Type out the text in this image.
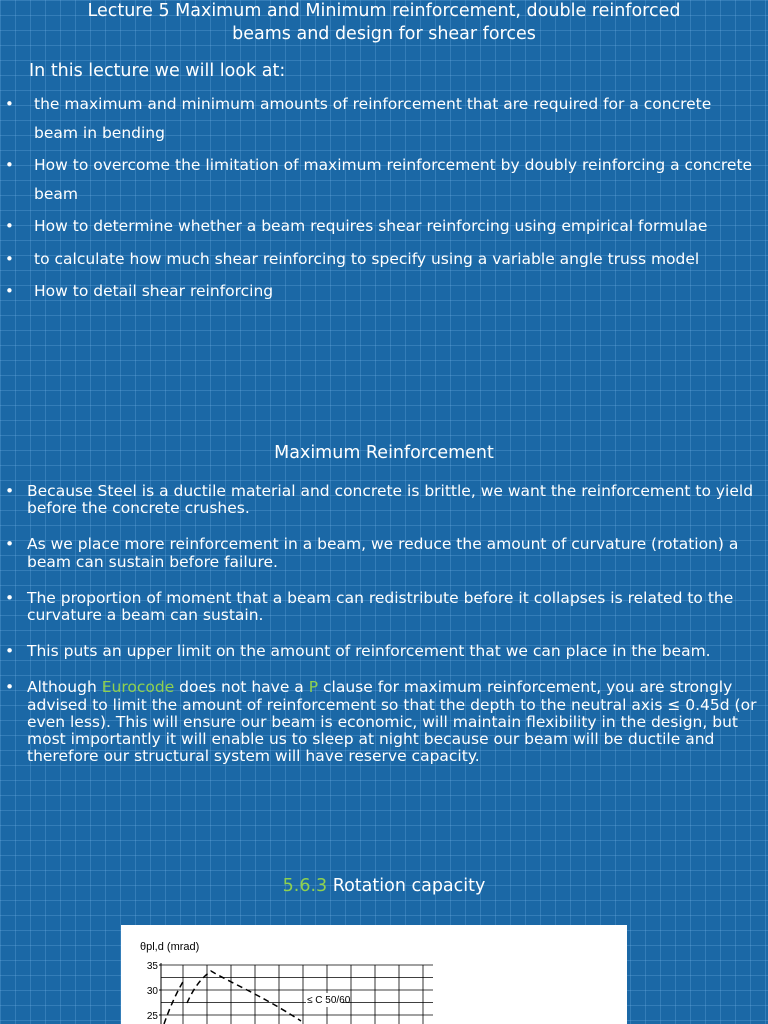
Lecture 5 Maximum and Minimum reinforcement, double reinforced
beams and design for shear forces

In this lecture we will look at:

• the maximum and minimum amounts of reinforcement that are required for a concrete beam in bending
• How to overcome the limitation of maximum reinforcement by doubly reinforcing a concrete beam
• How to determine whether a beam requires shear reinforcing using empirical formulae
• to calculate how much shear reinforcing to specify using a variable angle truss model
• How to detail shear reinforcing
Maximum Reinforcement
• Because Steel is a ductile material and concrete is brittle, we want the reinforcement to yield before the concrete crushes.
• As we place more reinforcement in a beam, we reduce the amount of curvature (rotation) a beam can sustain before failure.
• The proportion of moment that a beam can redistribute before it collapses is related to the curvature a beam can sustain.
• This puts an upper limit on the amount of reinforcement that we can place in the beam.
• Although Eurocode does not have a P clause for maximum reinforcement, you are strongly advised to limit the amount of reinforcement so that the depth to the neutral axis ≤ 0.45d (or even less). This will ensure our beam is economic, will maintain flexibility in the design, but most importantly it will enable us to sleep at night because our beam will be ductile and therefore our structural system will have reserve capacity.
5.6.3 Rotation capacity
θpl,d (mrad)
35
30
25
≤ C 50/60
